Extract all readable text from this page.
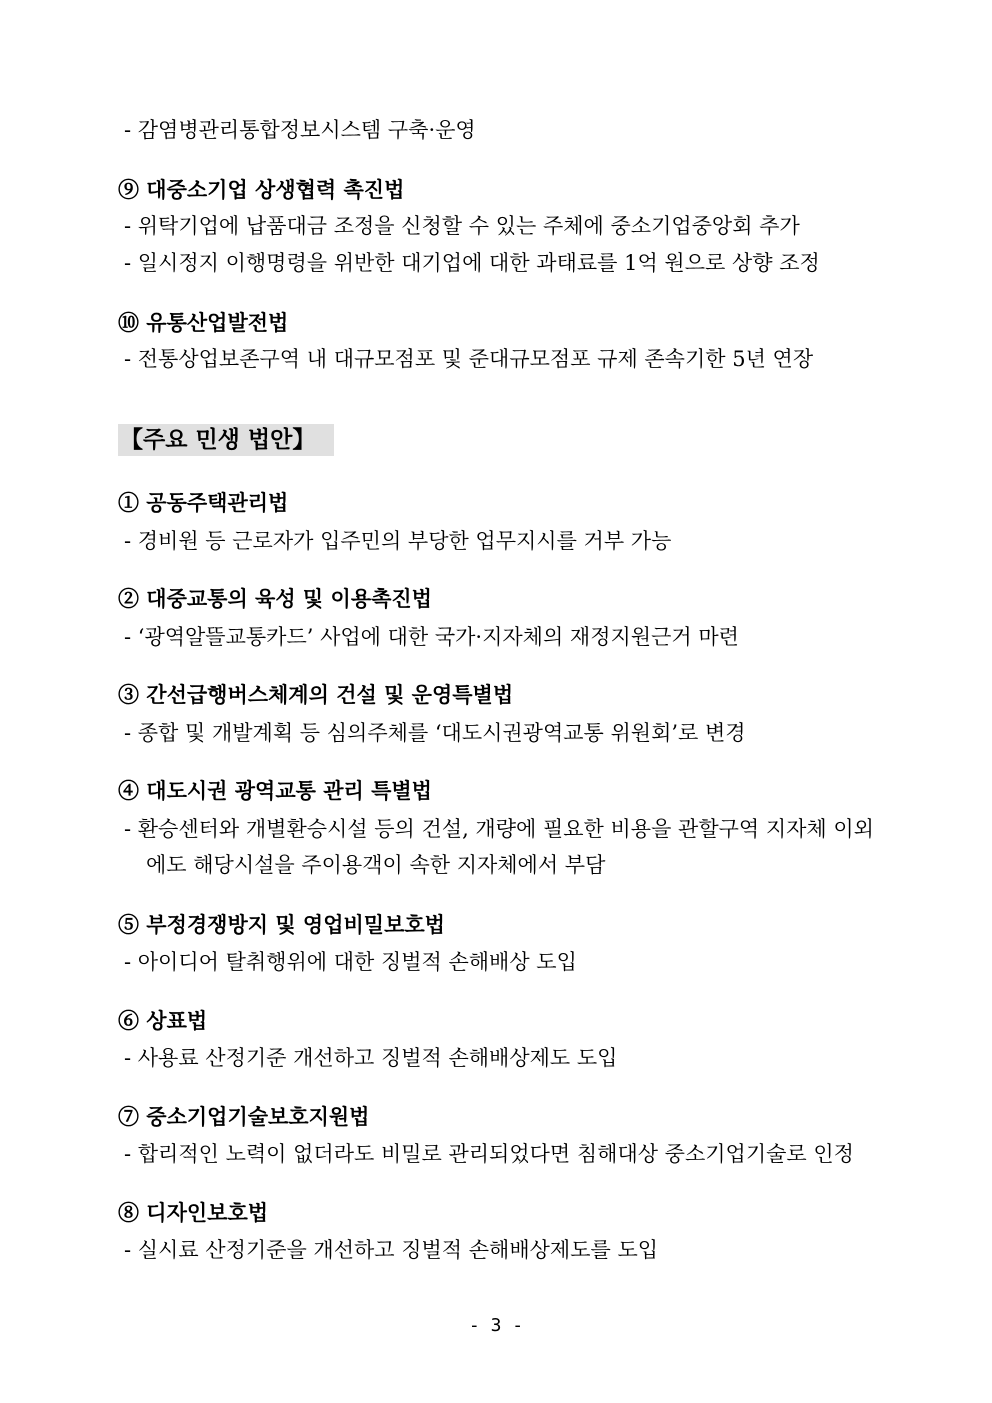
- 감염병관리통합정보시스템 구축·운영
⑨ 대중소기업 상생협력 촉진법
- 위탁기업에 납품대금 조정을 신청할 수 있는 주체에 중소기업중앙회 추가
- 일시정지 이행명령을 위반한 대기업에 대한 과태료를 1억 원으로 상향 조정
⑩ 유통산업발전법
- 전통상업보존구역 내 대규모점포 및 준대규모점포 규제 존속기한 5년 연장
【주요 민생 법안】
① 공동주택관리법
- 경비원 등 근로자가 입주민의 부당한 업무지시를 거부 가능
② 대중교통의 육성 및 이용촉진법
- ‘광역알뜰교통카드’ 사업에 대한 국가·지자체의 재정지원근거 마련
③ 간선급행버스체계의 건설 및 운영특별법
- 종합 및 개발계획 등 심의주체를 ‘대도시권광역교통 위원회’로 변경
④ 대도시권 광역교통 관리 특별법
- 환승센터와 개별환승시설 등의 건설, 개량에 필요한 비용을 관할구역 지자체 이외
에도 해당시설을 주이용객이 속한 지자체에서 부담
⑤ 부정경쟁방지 및 영업비밀보호법
- 아이디어 탈취행위에 대한 징벌적 손해배상 도입
⑥ 상표법
- 사용료 산정기준 개선하고 징벌적 손해배상제도 도입
⑦ 중소기업기술보호지원법
- 합리적인 노력이 없더라도 비밀로 관리되었다면 침해대상 중소기업기술로 인정
⑧ 디자인보호법
- 실시료 산정기준을 개선하고 징벌적 손해배상제도를 도입
- 3 -
